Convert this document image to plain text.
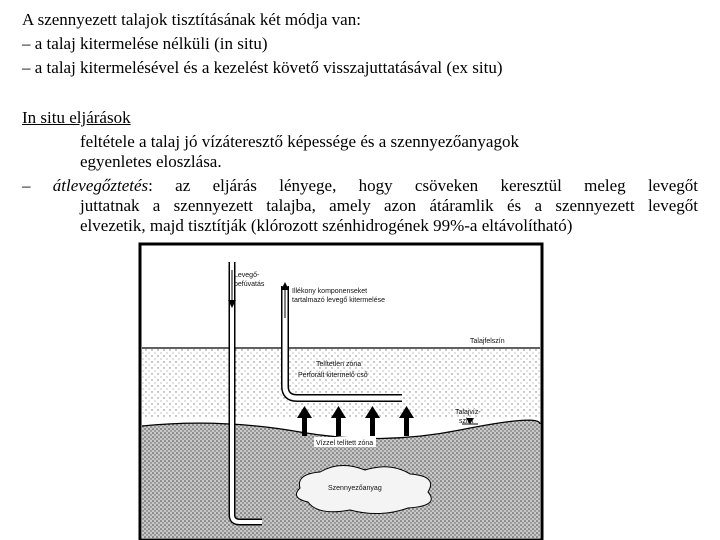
A szennyezett talajok tisztításának két módja van:
– a talaj kitermelése nélküli (in situ)
– a talaj kitermelésével és a kezelést követő visszajuttatásával (ex situ)
In situ eljárások
feltétele a talaj jó vízáteresztő képessége és a szennyezőanyagok
egyenletes eloszlása.
– átlevegőztetés: az eljárás lényege, hogy csöveken keresztül meleg levegőt
juttatnak a szennyezett talajba, amely azon átáramlik és a szennyezett levegőt
elvezetik, majd tisztítják (klórozott szénhidrogének 99%-a eltávolítható)
Levegő-
befúvatás
Illékony komponenseket
tartalmazó levegő kitermelése
Talajfelszín
Telítetlen zóna
Perforált kitermelő cső
Talajvíz-
szint
Vízzel telített zóna
Szennyezőanyag
